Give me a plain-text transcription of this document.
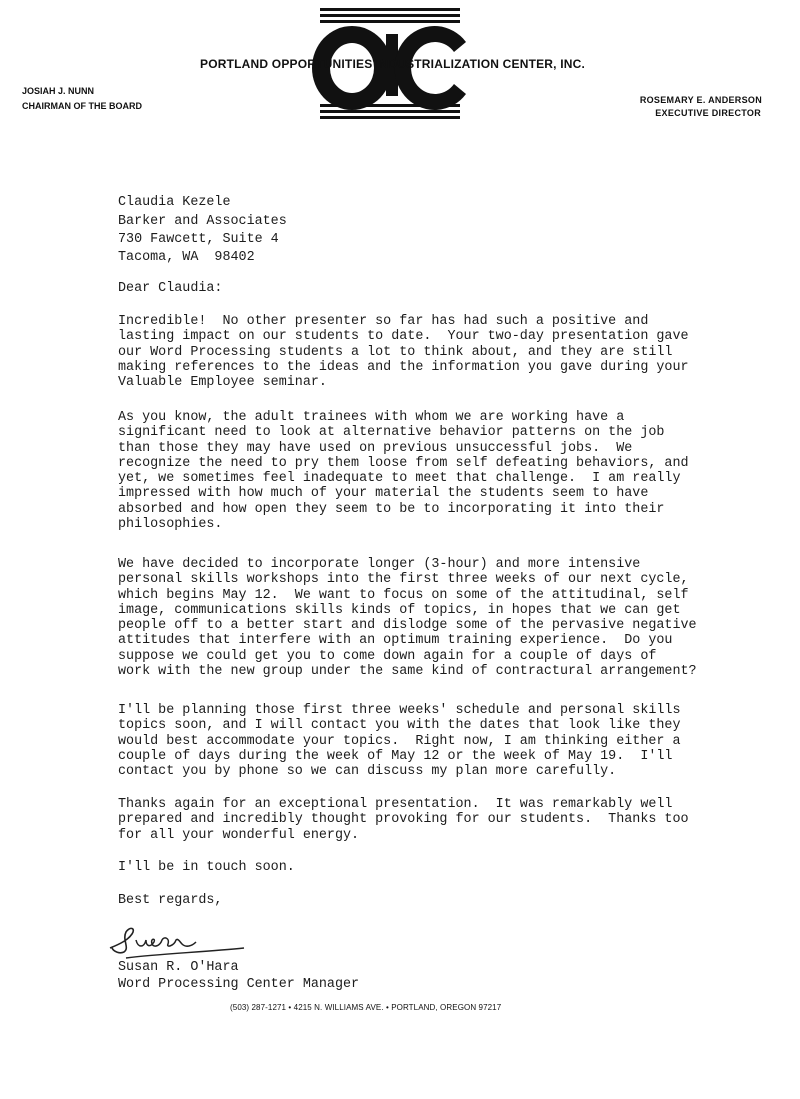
PORTLAND OPPORTUNITIES INDUSTRIALIZATION CENTER, INC.
JOSIAH J. NUNN
CHAIRMAN OF THE BOARD
ROSEMARY E. ANDERSON
EXECUTIVE DIRECTOR
Claudia Kezele
Barker and Associates
730 Fawcett, Suite 4
Tacoma, WA  98402
Dear Claudia:
Incredible!  No other presenter so far has had such a positive and
lasting impact on our students to date.  Your two-day presentation gave
our Word Processing students a lot to think about, and they are still
making references to the ideas and the information you gave during your
Valuable Employee seminar.
As you know, the adult trainees with whom we are working have a
significant need to look at alternative behavior patterns on the job
than those they may have used on previous unsuccessful jobs.  We
recognize the need to pry them loose from self defeating behaviors, and
yet, we sometimes feel inadequate to meet that challenge.  I am really
impressed with how much of your material the students seem to have
absorbed and how open they seem to be to incorporating it into their
philosophies.
We have decided to incorporate longer (3-hour) and more intensive
personal skills workshops into the first three weeks of our next cycle,
which begins May 12.  We want to focus on some of the attitudinal, self
image, communications skills kinds of topics, in hopes that we can get
people off to a better start and dislodge some of the pervasive negative
attitudes that interfere with an optimum training experience.  Do you
suppose we could get you to come down again for a couple of days of
work with the new group under the same kind of contractural arrangement?
I'll be planning those first three weeks' schedule and personal skills
topics soon, and I will contact you with the dates that look like they
would best accommodate your topics.  Right now, I am thinking either a
couple of days during the week of May 12 or the week of May 19.  I'll
contact you by phone so we can discuss my plan more carefully.
Thanks again for an exceptional presentation.  It was remarkably well
prepared and incredibly thought provoking for our students.  Thanks too
for all your wonderful energy.
I'll be in touch soon.
Best regards,
Susan R. O'Hara
Word Processing Center Manager
(503) 287-1271 • 4215 N. WILLIAMS AVE. • PORTLAND, OREGON 97217
